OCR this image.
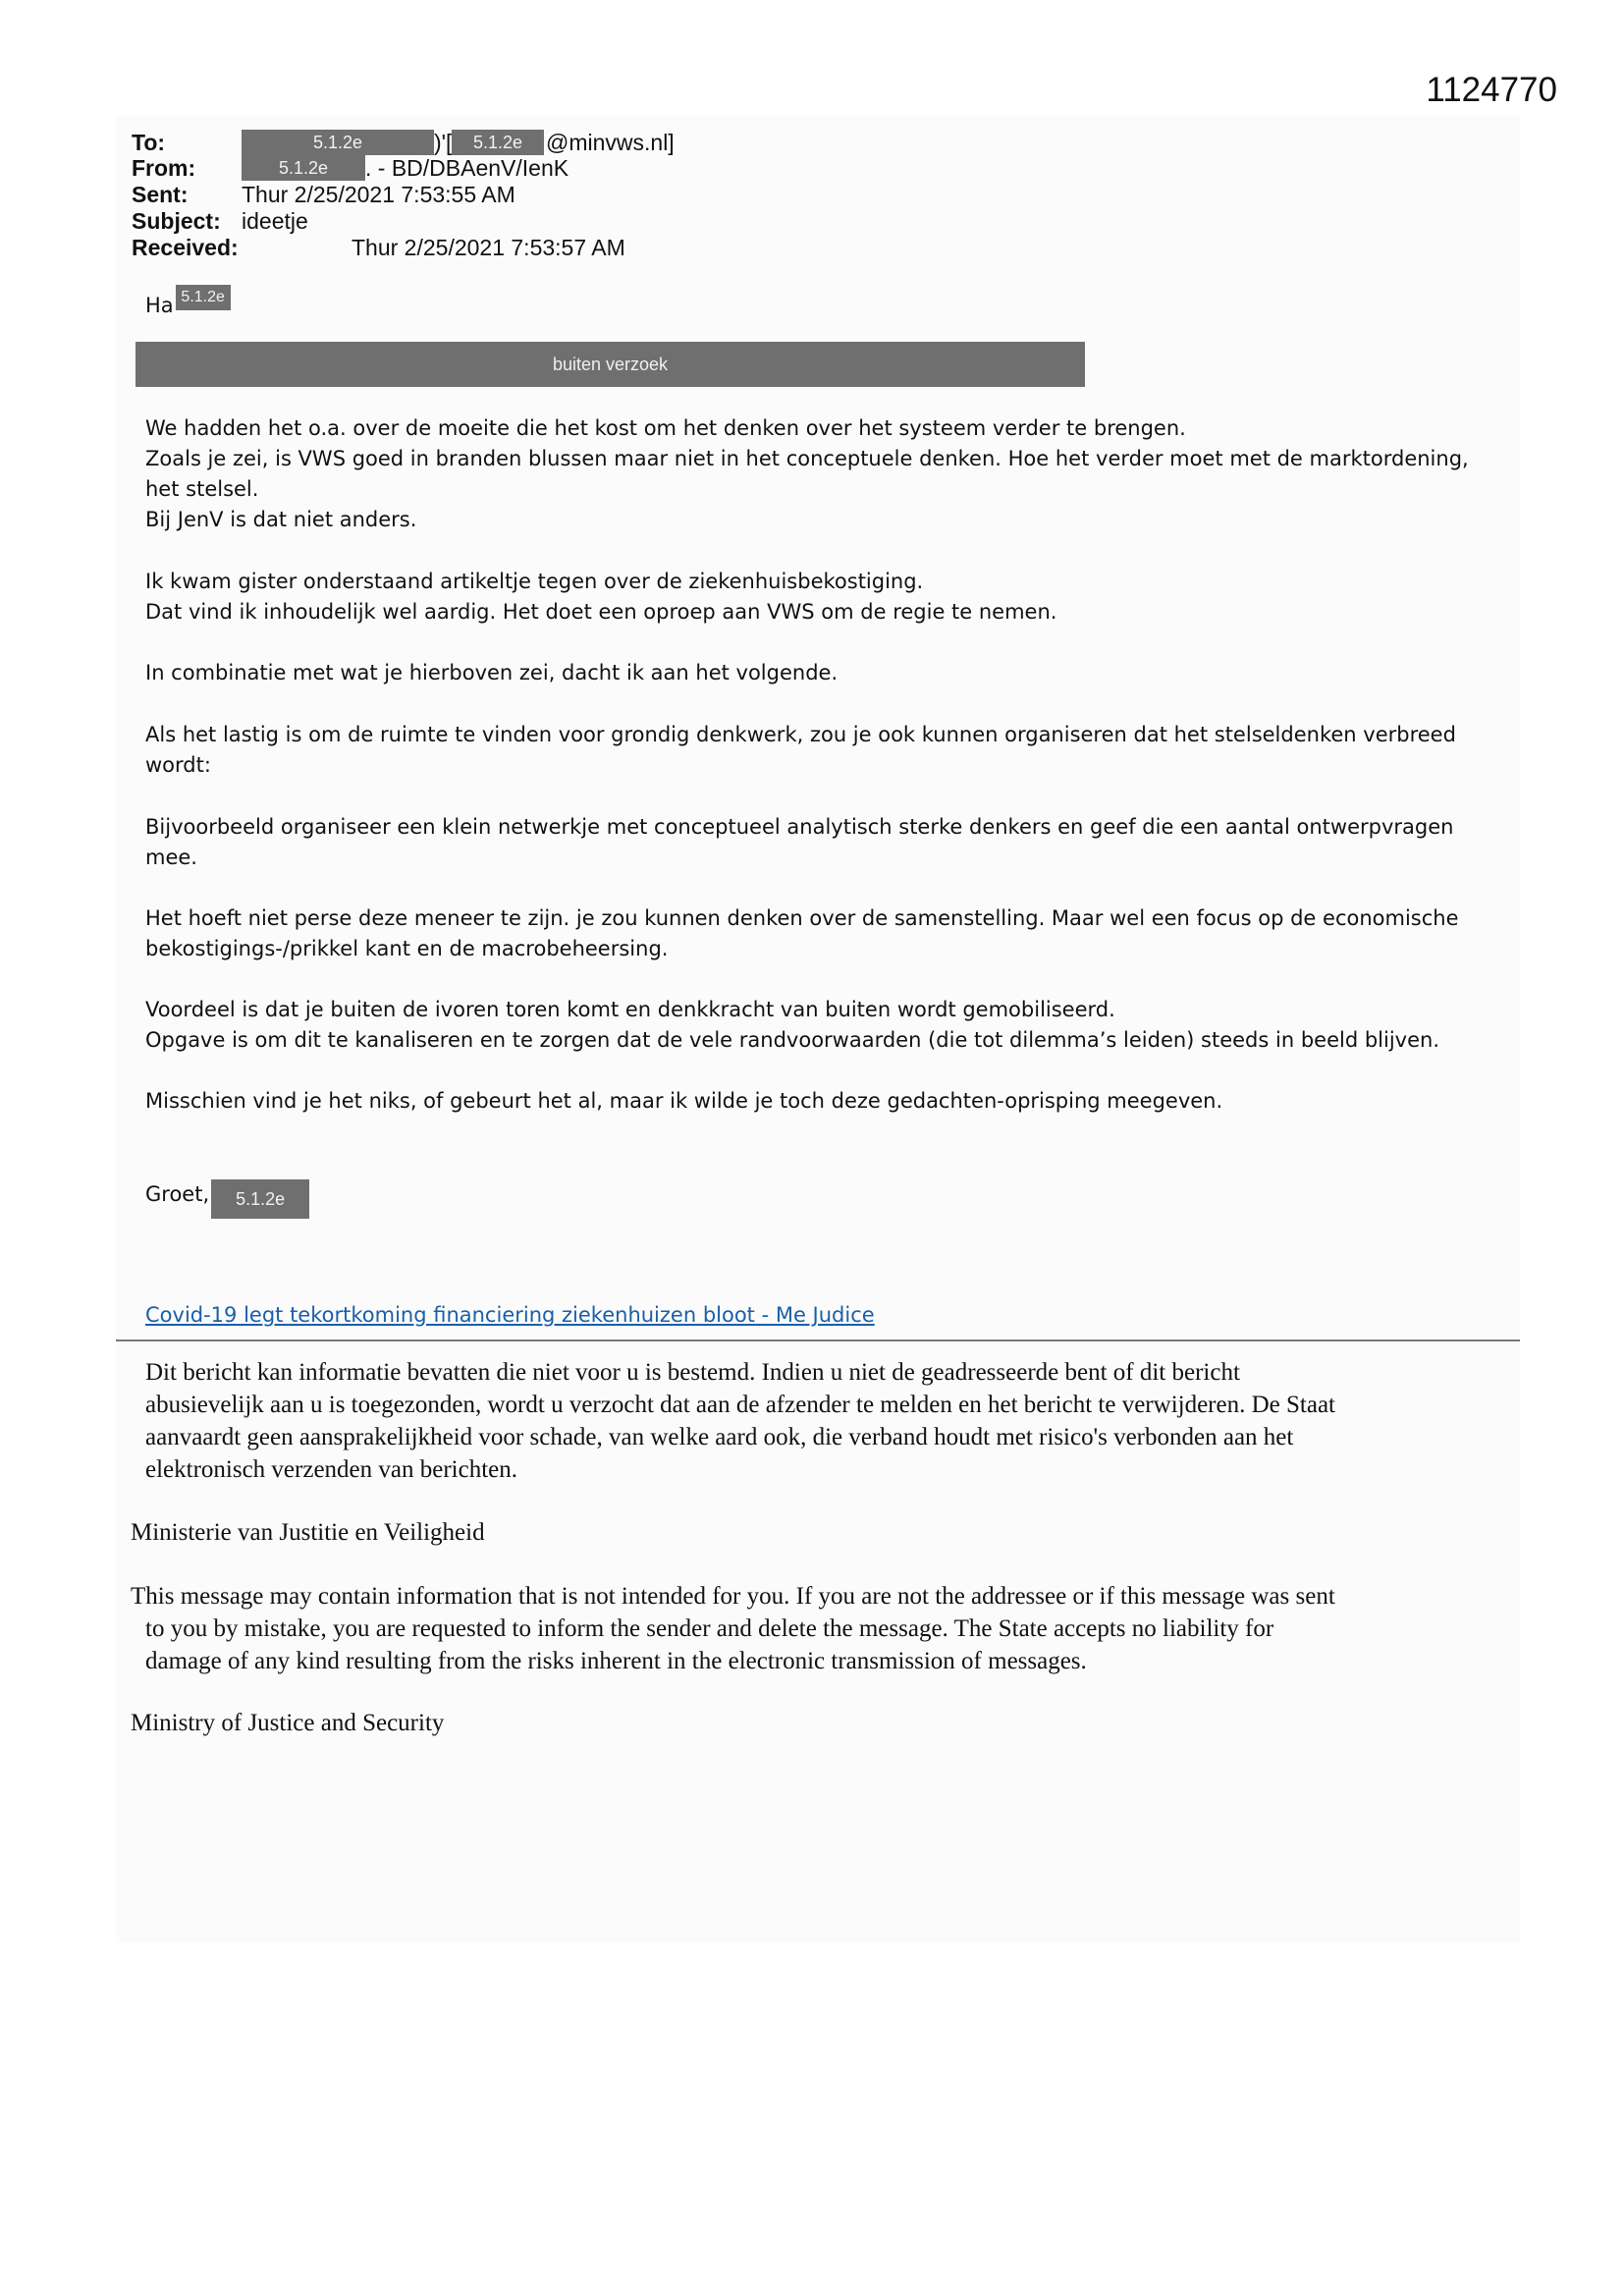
1124770
To:	5.1.2e	)'[	5.1.2e	@minvws.nl]
From:	5.1.2e	. - BD/DBAenV/IenK
Sent: Thur 2/25/2021 7:53:55 AM
Subject: ideetje
Received:	Thur 2/25/2021 7:53:57 AM
Ha 5.1.2e
buiten verzoek
We hadden het o.a. over de moeite die het kost om het denken over het systeem verder te brengen.
Zoals je zei, is VWS goed in branden blussen maar niet in het conceptuele denken. Hoe het verder moet met de marktordening,
het stelsel.
Bij JenV is dat niet anders.
Ik kwam gister onderstaand artikeltje tegen over de ziekenhuisbekostiging.
Dat vind ik inhoudelijk wel aardig. Het doet een oproep aan VWS om de regie te nemen.
In combinatie met wat je hierboven zei, dacht ik aan het volgende.
Als het lastig is om de ruimte te vinden voor grondig denkwerk, zou je ook kunnen organiseren dat het stelseldenken verbreed
wordt:
Bijvoorbeeld organiseer een klein netwerkje met conceptueel analytisch sterke denkers en geef die een aantal ontwerpvragen
mee.
Het hoeft niet perse deze meneer te zijn. je zou kunnen denken over de samenstelling. Maar wel een focus op de economische
bekostigings-/prikkel kant en de macrobeheersing.
Voordeel is dat je buiten de ivoren toren komt en denkkracht van buiten wordt gemobiliseerd.
Opgave is om dit te kanaliseren en te zorgen dat de vele randvoorwaarden (die tot dilemma’s leiden) steeds in beeld blijven.
Misschien vind je het niks, of gebeurt het al, maar ik wilde je toch deze gedachten-oprisping meegeven.
Groet, 5.1.2e
Covid-19 legt tekortkoming financiering ziekenhuizen bloot - Me Judice
Dit bericht kan informatie bevatten die niet voor u is bestemd. Indien u niet de geadresseerde bent of dit bericht
abusievelijk aan u is toegezonden, wordt u verzocht dat aan de afzender te melden en het bericht te verwijderen. De Staat
aanvaardt geen aansprakelijkheid voor schade, van welke aard ook, die verband houdt met risico's verbonden aan het
elektronisch verzenden van berichten.
Ministerie van Justitie en Veiligheid
This message may contain information that is not intended for you. If you are not the addressee or if this message was sent
to you by mistake, you are requested to inform the sender and delete the message. The State accepts no liability for
damage of any kind resulting from the risks inherent in the electronic transmission of messages.
Ministry of Justice and Security
